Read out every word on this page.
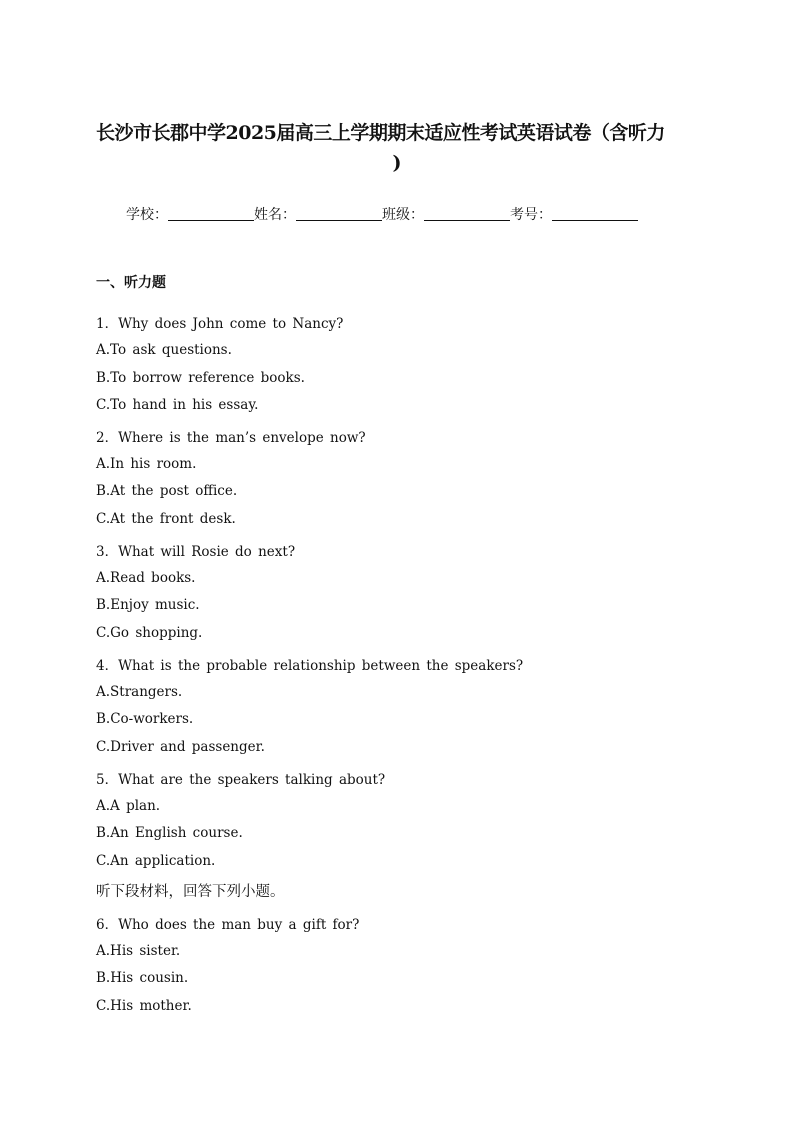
长沙市长郡中学2025届高三上学期期末适应性考试英语试卷（含听力
)
学校：	姓名：	班级：	考号：
一、听力题
1．Why does John come to Nancy?
A.To ask questions.
B.To borrow reference books.
C.To hand in his essay.
2．Where is the man’s envelope now?
A.In his room.
B.At the post office.
C.At the front desk.
3．What will Rosie do next?
A.Read books.
B.Enjoy music.
C.Go shopping.
4．What is the probable relationship between the speakers?
A.Strangers.
B.Co-workers.
C.Driver and passenger.
5．What are the speakers talking about?
A.A plan.
B.An English course.
C.An application.
听下段材料，回答下列小题。
6．Who does the man buy a gift for?
A.His sister.
B.His cousin.
C.His mother.
